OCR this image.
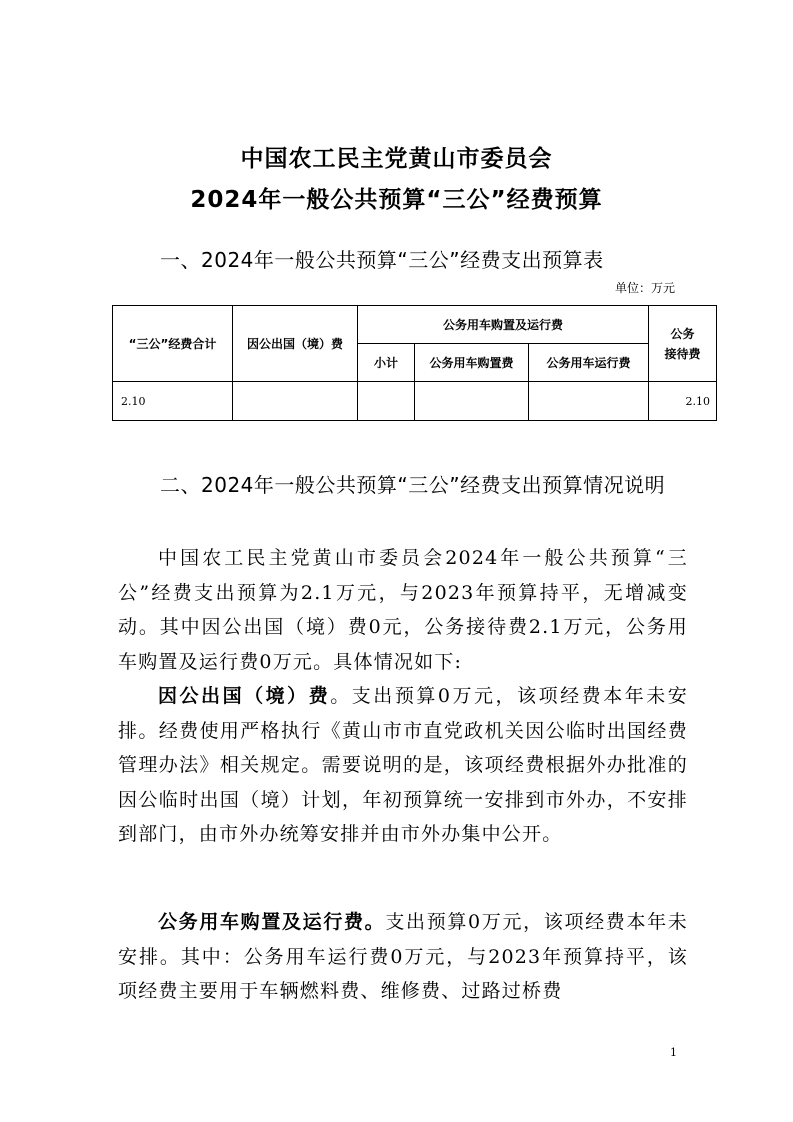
中国农工民主党黄山市委员会
2024年一般公共预算“三公”经费预算
一、2024年一般公共预算“三公”经费支出预算表
单位：万元
“三公”经费合计	因公出国（境）费	公务用车购置及运行费			公务
接待费
		小计	公务用车购置费	公务用车运行费	
2.10					2.10
二、2024年一般公共预算“三公”经费支出预算情况说明

中国农工民主党黄山市委员会2024年一般公共预算“三公”经费支出预算为2.1万元，与2023年预算持平，无增减变动。其中因公出国（境）费0元，公务接待费2.1万元，公务用车购置及运行费0万元。具体情况如下:

因公出国（境）费。支出预算0万元，该项经费本年未安排。经费使用严格执行《黄山市市直党政机关因公临时出国经费管理办法》相关规定。需要说明的是，该项经费根据外办批准的因公临时出国（境）计划，年初预算统一安排到市外办，不安排到部门，由市外办统筹安排并由市外办集中公开。

公务用车购置及运行费。支出预算0万元，该项经费本年未安排。其中：公务用车运行费0万元，与2023年预算持平，该项经费主要用于车辆燃料费、维修费、过路过桥费

1
